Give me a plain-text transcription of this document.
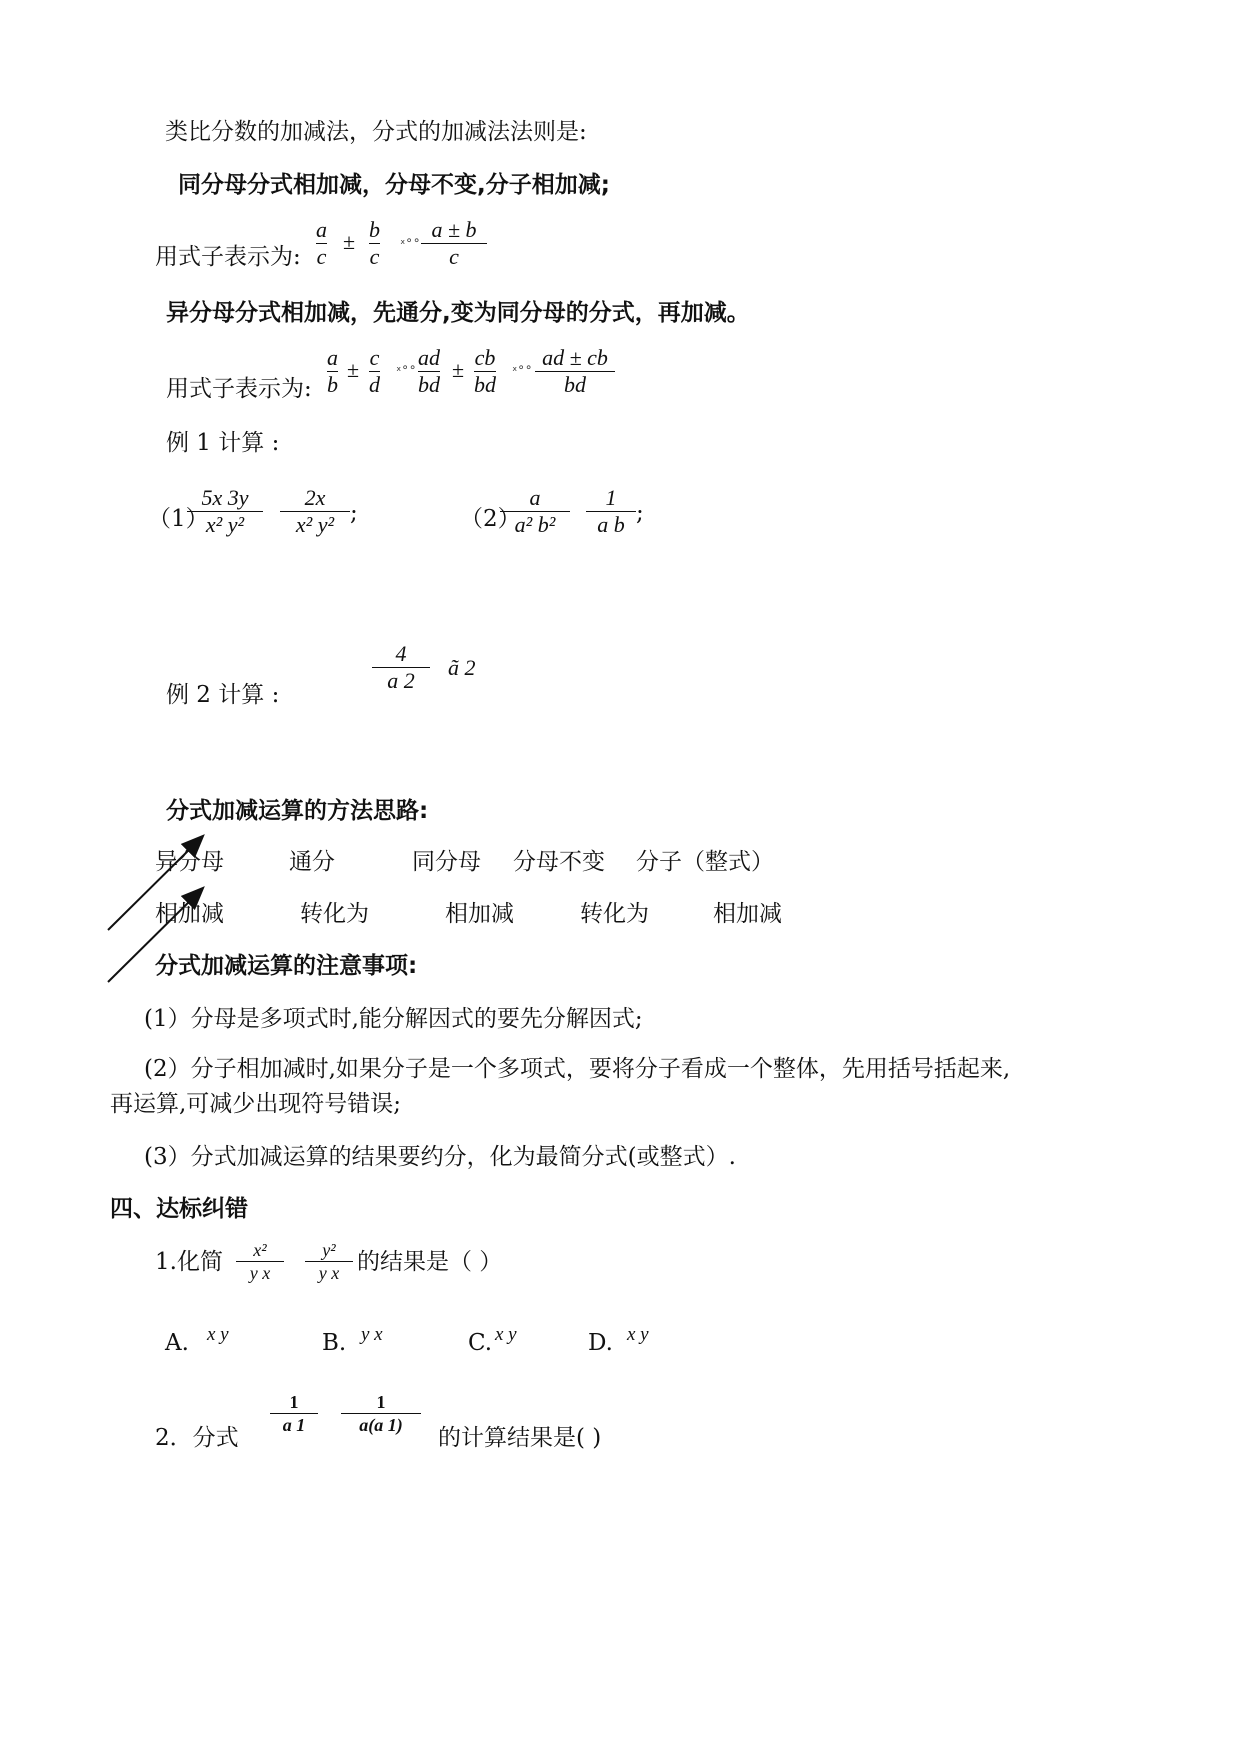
类比分数的加减法，分式的加减法法则是:
同分母分式相加减，分母不变,分子相加减;
用式子表示为:
a
c
± b
c
ₓ∘∘ a ± b
c
异分母分式相加减，先通分,变为同分母的分式，再加减。
用式子表示为:
a
b
± c
d
ₓ∘∘ ad
bd
± cb
bd
ₓ∘∘ ad ± cb
bd
例 1 计算 :
（1）
5x 3y
x² y²
2x
x² y² ;	（2）
a
a² b²
1
a b ;
例 2 计算 :
4
a 2
ã 2
分式加减运算的方法思路:
异分母	通分	同分母 分母不变 分子（整式）
相加减	转化为	相加减	转化为	相加减
分式加减运算的注意事项:
(1）分母是多项式时,能分解因式的要先分解因式;
(2）分子相加减时,如果分子是一个多项式，要将分子看成一个整体，先用括号括起来,
再运算,可减少出现符号错误;
(3）分式加减运算的结果要约分，化为最简分式(或整式）.
四、达标纠错
1.化简 x²
y x
y²
y x 的结果是（ ）
A. x y	B. y x	C. x y	D. x y
2．分式
1
a 1
1
a(a 1) 的计算结果是( )
